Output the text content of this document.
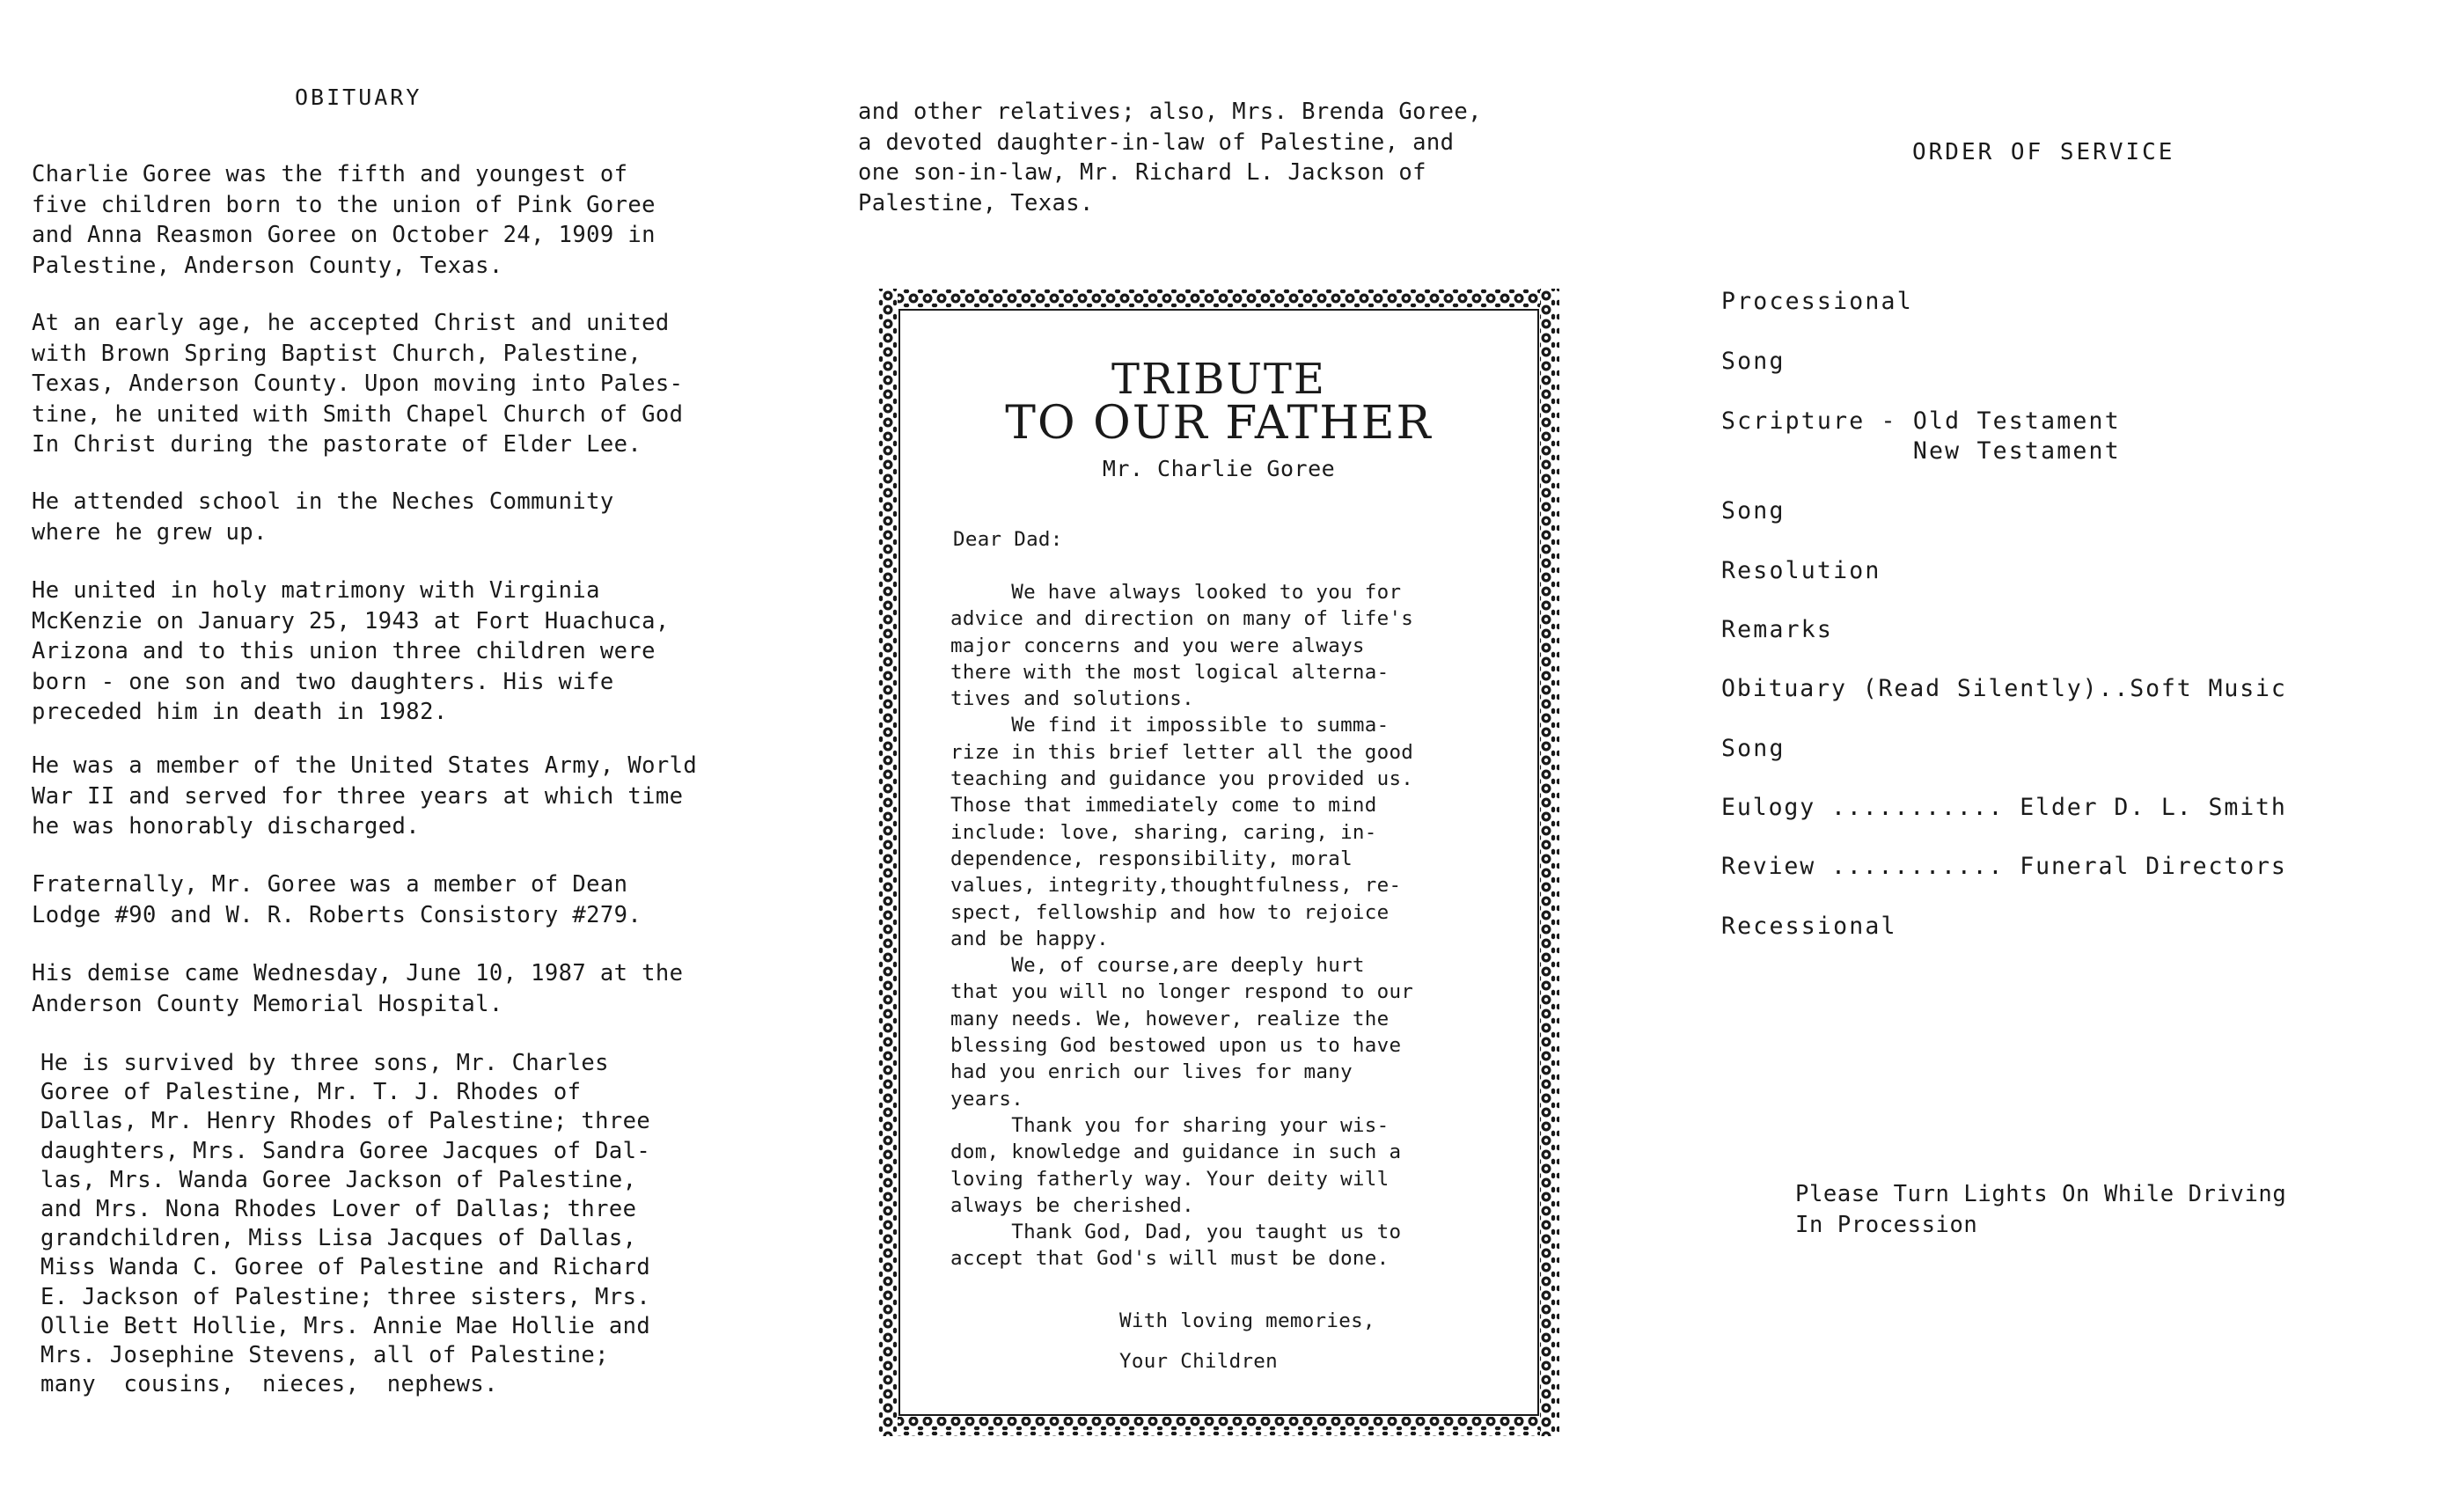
OBITUARY
Charlie Goree was the fifth and youngest of
five children born to the union of Pink Goree
and Anna Reasmon Goree on October 24, 1909 in
Palestine, Anderson County, Texas.
At an early age, he accepted Christ and united
with Brown Spring Baptist Church, Palestine,
Texas, Anderson County. Upon moving into Pales-
tine, he united with Smith Chapel Church of God
In Christ during the pastorate of Elder Lee.
He attended school in the Neches Community
where he grew up.
He united in holy matrimony with Virginia
McKenzie on January 25, 1943 at Fort Huachuca,
Arizona and to this union three children were
born - one son and two daughters. His wife
preceded him in death in 1982.
He was a member of the United States Army, World
War II and served for three years at which time
he was honorably discharged.
Fraternally, Mr. Goree was a member of Dean
Lodge #90 and W. R. Roberts Consistory #279.
His demise came Wednesday, June 10, 1987 at the
Anderson County Memorial Hospital.
He is survived by three sons, Mr. Charles
Goree of Palestine, Mr. T. J. Rhodes of
Dallas, Mr. Henry Rhodes of Palestine; three
daughters, Mrs. Sandra Goree Jacques of Dal-
las, Mrs. Wanda Goree Jackson of Palestine,
and Mrs. Nona Rhodes Lover of Dallas; three
grandchildren, Miss Lisa Jacques of Dallas,
Miss Wanda C. Goree of Palestine and Richard
E. Jackson of Palestine; three sisters, Mrs.
Ollie Bett Hollie, Mrs. Annie Mae Hollie and
Mrs. Josephine Stevens, all of Palestine;
many  cousins,  nieces,  nephews.
and other relatives; also, Mrs. Brenda Goree,
a devoted daughter-in-law of Palestine, and
one son-in-law, Mr. Richard L. Jackson of
Palestine, Texas.
TRIBUTE
TO OUR FATHER
Mr. Charlie Goree
Dear Dad:
We have always looked to you for
advice and direction on many of life's
major concerns and you were always
there with the most logical alterna-
tives and solutions.
We find it impossible to summa-
rize in this brief letter all the good
teaching and guidance you provided us.
Those that immediately come to mind
include: love, sharing, caring, in-
dependence, responsibility, moral
values, integrity,thoughtfulness, re-
spect, fellowship and how to rejoice
and be happy.
We, of course,are deeply hurt
that you will no longer respond to our
many needs. We, however, realize the
blessing God bestowed upon us to have
had you enrich our lives for many
years.
Thank you for sharing your wis-
dom, knowledge and guidance in such a
loving fatherly way. Your deity will
always be cherished.
Thank God, Dad, you taught us to
accept that God's will must be done.
With loving memories,
Your Children
ORDER OF SERVICE
Processional
Song
Scripture - Old Testament
New Testament
Song
Resolution
Remarks
Obituary (Read Silently)..Soft Music
Song
Eulogy ........... Elder D. L. Smith
Review ........... Funeral Directors
Recessional
Please Turn Lights On While Driving
In Procession
